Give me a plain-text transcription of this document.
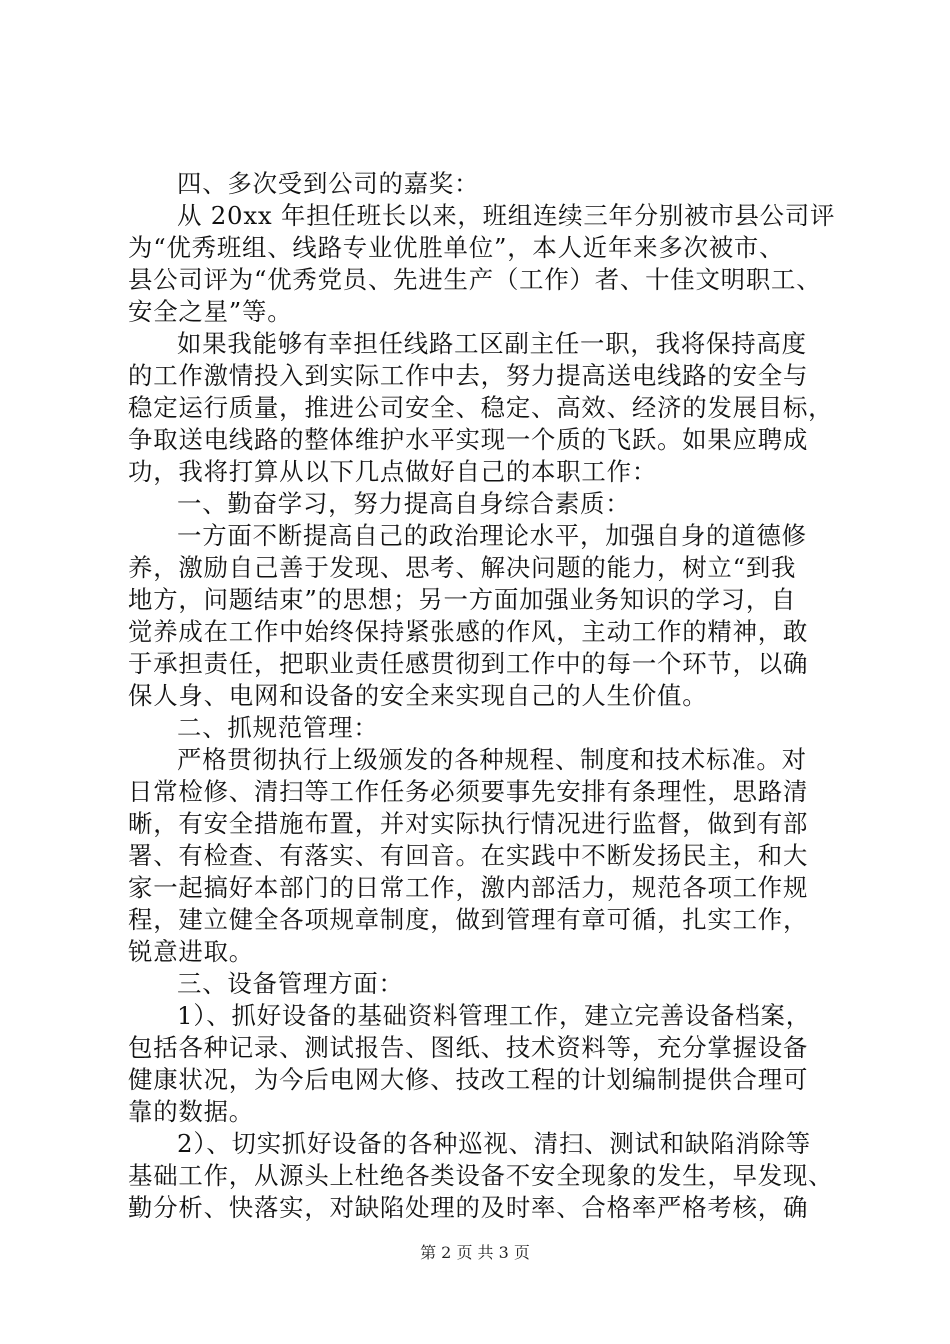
四、多次受到公司的嘉奖：
从 20xx 年担任班长以来，班组连续三年分别被市县公司评
为“优秀班组、线路专业优胜单位”，本人近年来多次被市、
县公司评为“优秀党员、先进生产（工作）者、十佳文明职工、
安全之星”等。
如果我能够有幸担任线路工区副主任一职，我将保持高度
的工作激情投入到实际工作中去，努力提高送电线路的安全与
稳定运行质量，推进公司安全、稳定、高效、经济的发展目标，
争取送电线路的整体维护水平实现一个质的飞跃。如果应聘成
功，我将打算从以下几点做好自己的本职工作：
一、勤奋学习，努力提高自身综合素质：
一方面不断提高自己的政治理论水平，加强自身的道德修
养，激励自己善于发现、思考、解决问题的能力，树立“到我
地方，问题结束”的思想；另一方面加强业务知识的学习，自
觉养成在工作中始终保持紧张感的作风，主动工作的精神，敢
于承担责任，把职业责任感贯彻到工作中的每一个环节，以确
保人身、电网和设备的安全来实现自己的人生价值。
二、抓规范管理：
严格贯彻执行上级颁发的各种规程、制度和技术标准。对
日常检修、清扫等工作任务必须要事先安排有条理性，思路清
晰，有安全措施布置，并对实际执行情况进行监督，做到有部
署、有检查、有落实、有回音。在实践中不断发扬民主，和大
家一起搞好本部门的日常工作，激内部活力，规范各项工作规
程，建立健全各项规章制度，做到管理有章可循，扎实工作，
锐意进取。
三、设备管理方面：
1）、抓好设备的基础资料管理工作，建立完善设备档案，
包括各种记录、测试报告、图纸、技术资料等，充分掌握设备
健康状况，为今后电网大修、技改工程的计划编制提供合理可
靠的数据。
2）、切实抓好设备的各种巡视、清扫、测试和缺陷消除等
基础工作，从源头上杜绝各类设备不安全现象的发生，早发现、
勤分析、快落实，对缺陷处理的及时率、合格率严格考核，确
第 2 页 共 3 页
